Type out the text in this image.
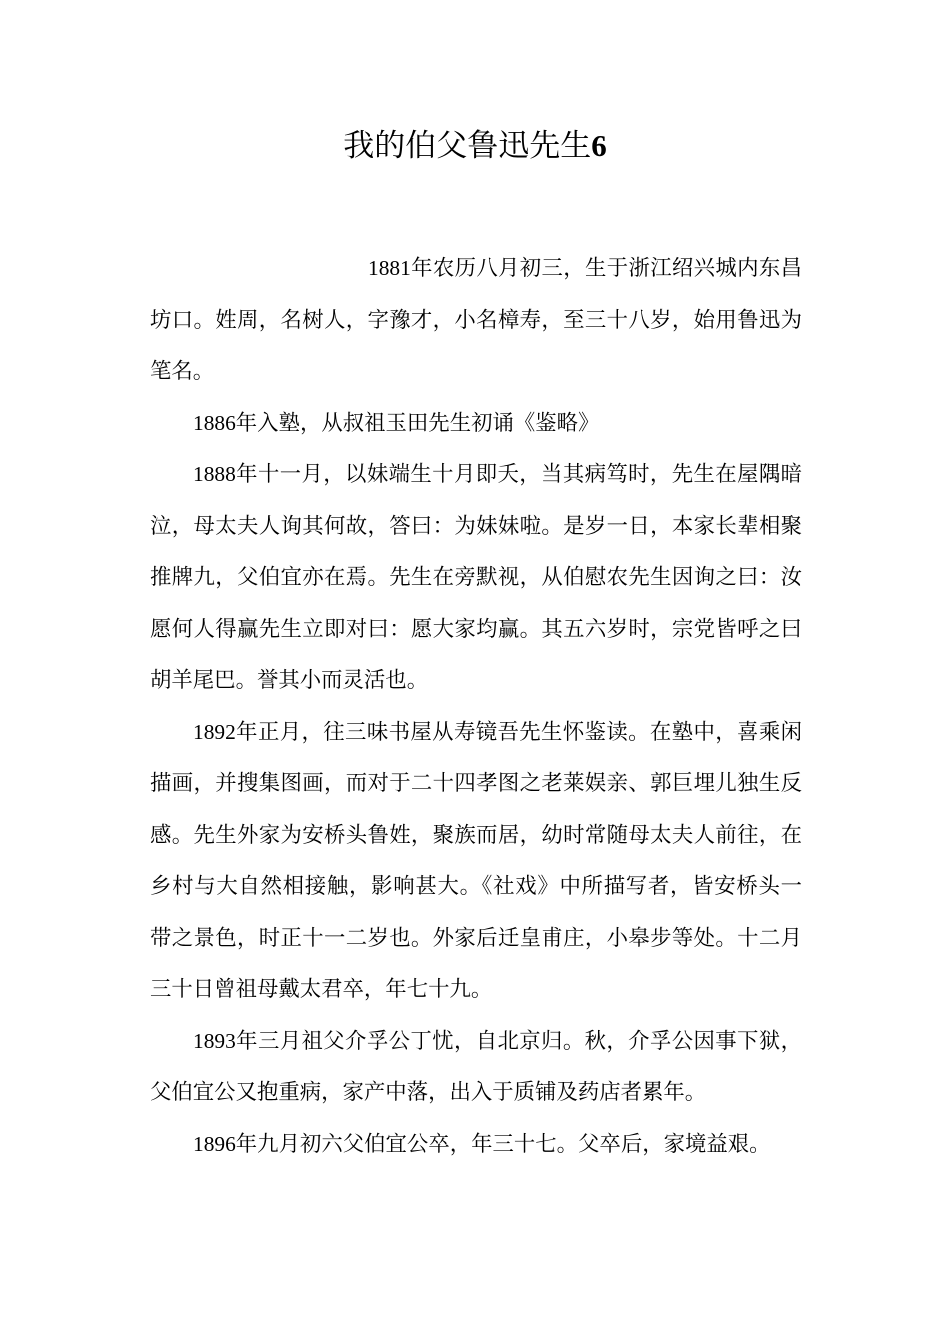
我的伯父鲁迅先生6

1881年农历八月初三，生于浙江绍兴城内东昌坊口。姓周，名树人，字豫才，小名樟寿，至三十八岁，始用鲁迅为笔名。

1886年入塾，从叔祖玉田先生初诵《鉴略》

1888年十一月，以妹端生十月即夭，当其病笃时，先生在屋隅暗泣，母太夫人询其何故，答曰：为妹妹啦。是岁一日，本家长辈相聚推牌九，父伯宜亦在焉。先生在旁默视，从伯慰农先生因询之曰：汝愿何人得赢先生立即对曰：愿大家均赢。其五六岁时，宗党皆呼之曰胡羊尾巴。誉其小而灵活也。

1892年正月，往三味书屋从寿镜吾先生怀鉴读。在塾中，喜乘闲描画，并搜集图画，而对于二十四孝图之老莱娱亲、郭巨埋儿独生反感。先生外家为安桥头鲁姓，聚族而居，幼时常随母太夫人前往，在乡村与大自然相接触，影响甚大。《社戏》中所描写者，皆安桥头一带之景色，时正十一二岁也。外家后迁皇甫庄，小皋步等处。十二月三十日曾祖母戴太君卒，年七十九。

1893年三月祖父介孚公丁忧，自北京归。秋，介孚公因事下狱，父伯宜公又抱重病，家产中落，出入于质铺及药店者累年。

1896年九月初六父伯宜公卒，年三十七。父卒后，家境益艰。
